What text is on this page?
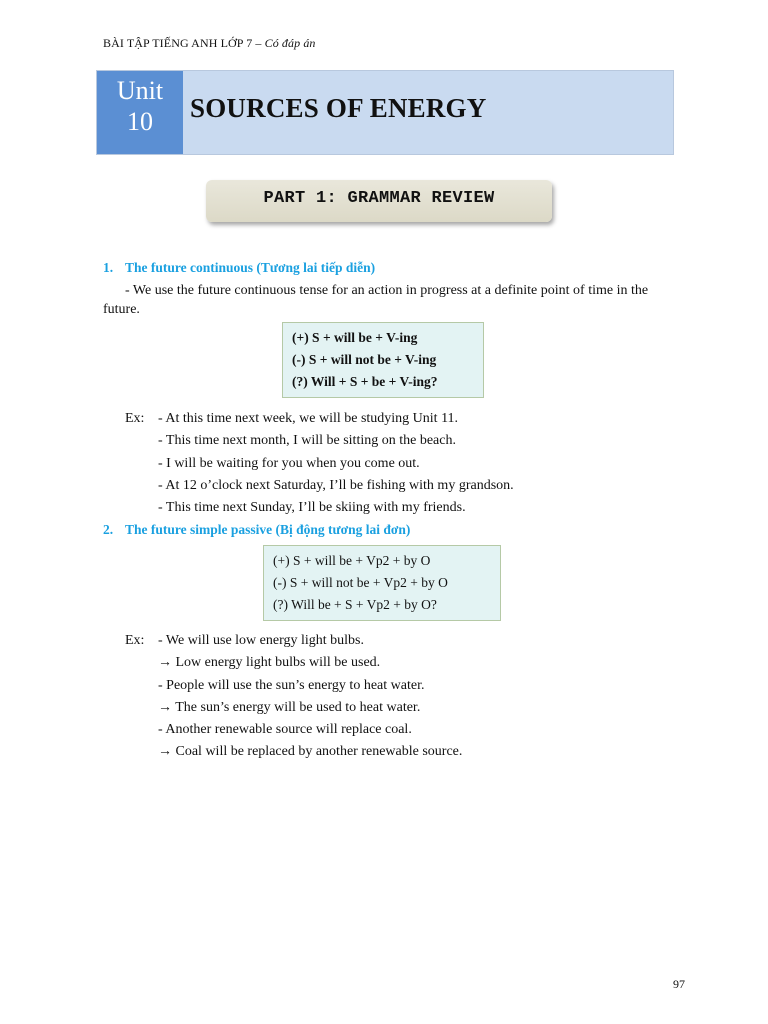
BÀI TẬP TIẾNG ANH LỚP 7 – Có đáp án
Unit
10	SOURCES OF ENERGY
PART 1: GRAMMAR REVIEW
1. The future continuous (Tương lai tiếp diễn)
- We use the future continuous tense for an action in progress at a definite point of time in the future.
(+) S + will be + V-ing
(-) S + will not be + V-ing
(?) Will + S + be + V-ing?
Ex: - At this time next week, we will be studying Unit 11.
- This time next month, I will be sitting on the beach.
- I will be waiting for you when you come out.
- At 12 o’clock next Saturday, I’ll be fishing with my grandson.
- This time next Sunday, I’ll be skiing with my friends.
2. The future simple passive (Bị động tương lai đơn)
(+) S + will be + Vp2 + by O
(-) S + will not be + Vp2 + by O
(?) Will be + S + Vp2 + by O?
Ex: - We will use low energy light bulbs.
→ Low energy light bulbs will be used.
- People will use the sun’s energy to heat water.
→ The sun’s energy will be used to heat water.
- Another renewable source will replace coal.
→ Coal will be replaced by another renewable source.
97
